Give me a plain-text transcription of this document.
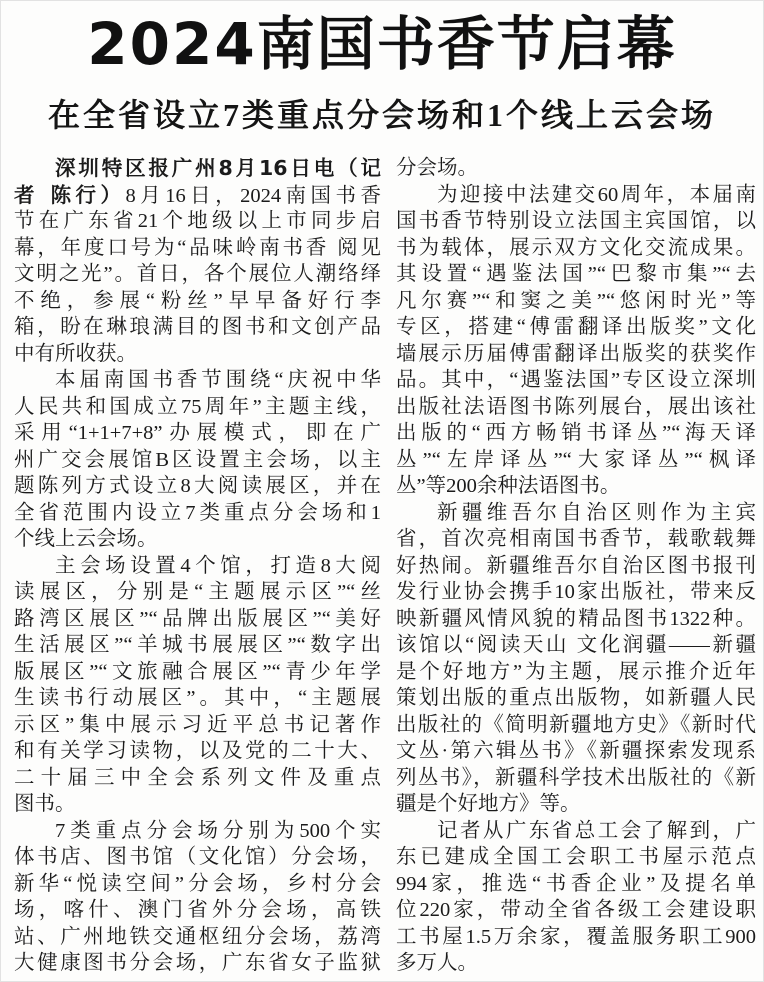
2024南国书香节启幕
在全省设立7类重点分会场和1个线上云会场
深圳特区报广州8月16日电（记
者 陈行）8月16日，2024南国书香
节在广东省21个地级以上市同步启
幕，年度口号为“品味岭南书香 阅见
文明之光”。首日，各个展位人潮络绎
不绝，参展“粉丝”早早备好行李
箱，盼在琳琅满目的图书和文创产品
中有所收获。
本届南国书香节围绕“庆祝中华
人民共和国成立75周年”主题主线，
采用“1+1+7+8”办展模式，即在广
州广交会展馆B区设置主会场，以主
题陈列方式设立8大阅读展区，并在
全省范围内设立7类重点分会场和1
个线上云会场。
主会场设置4个馆，打造8大阅
读展区，分别是“主题展示区”“丝
路湾区展区”“品牌出版展区”“美好
生活展区”“羊城书展展区”“数字出
版展区”“文旅融合展区”“青少年学
生读书行动展区”。其中，“主题展
示区”集中展示习近平总书记著作
和有关学习读物，以及党的二十大、
二十届三中全会系列文件及重点
图书。
7类重点分会场分别为500个实
体书店、图书馆（文化馆）分会场，
新华“悦读空间”分会场，乡村分会
场，喀什、澳门省外分会场，高铁
站、广州地铁交通枢纽分会场，荔湾
大健康图书分会场，广东省女子监狱
分会场。
为迎接中法建交60周年，本届南
国书香节特别设立法国主宾国馆，以
书为载体，展示双方文化交流成果。
其设置“遇鉴法国”“巴黎市集”“去
凡尔赛”“和窦之美”“悠闲时光”等
专区，搭建“傅雷翻译出版奖”文化
墙展示历届傅雷翻译出版奖的获奖作
品。其中，“遇鉴法国”专区设立深圳
出版社法语图书陈列展台，展出该社
出版的“西方畅销书译丛”“海天译
丛”“左岸译丛”“大家译丛”“枫译
丛”等200余种法语图书。
新疆维吾尔自治区则作为主宾
省，首次亮相南国书香节，载歌载舞
好热闹。新疆维吾尔自治区图书报刊
发行业协会携手10家出版社，带来反
映新疆风情风貌的精品图书1322种。
该馆以“阅读天山 文化润疆——新疆
是个好地方”为主题，展示推介近年
策划出版的重点出版物，如新疆人民
出版社的《简明新疆地方史》《新时代
文丛·第六辑丛书》《新疆探索发现系
列丛书》，新疆科学技术出版社的《新
疆是个好地方》等。
记者从广东省总工会了解到，广
东已建成全国工会职工书屋示范点
994家，推选“书香企业”及提名单
位220家，带动全省各级工会建设职
工书屋1.5万余家，覆盖服务职工900
多万人。
